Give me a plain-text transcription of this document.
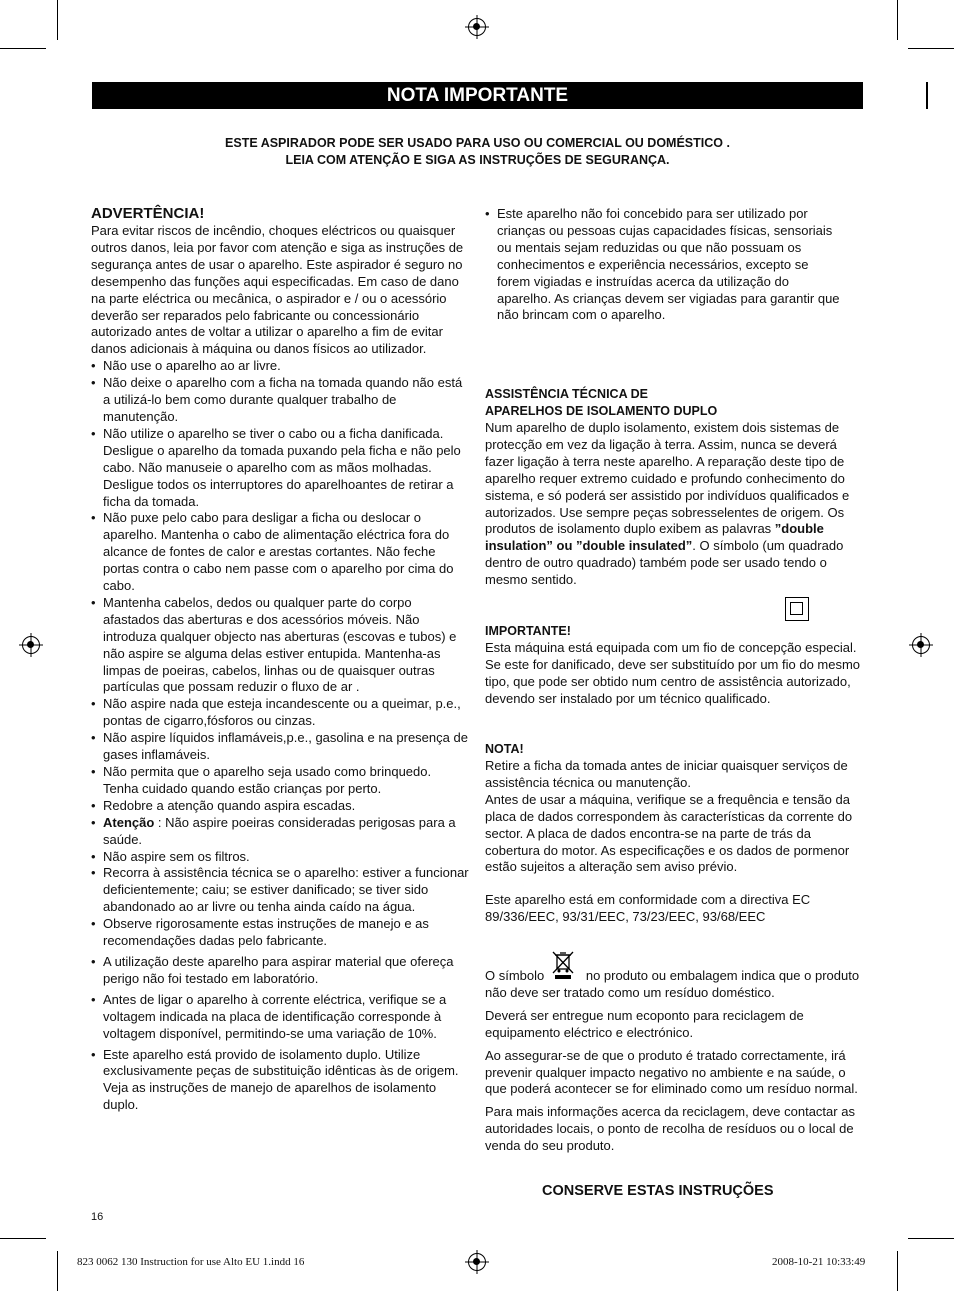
NOTA IMPORTANTE
ESTE ASPIRADOR PODE SER USADO PARA USO OU COMERCIAL OU DOMÉSTICO .
LEIA COM ATENÇÃO E SIGA AS INSTRUÇÕES DE SEGURANÇA.

ADVERTÊNCIA!

Para evitar riscos de incêndio, choques eléctricos ou quaisquer outros danos, leia por favor com atenção e siga as instruções de segurança antes de usar o aparelho. Este aspirador é seguro no desempenho das funções aqui especificadas. Em caso de dano na parte eléctrica ou mecânica, o aspirador e / ou o acessório deverão ser reparados pelo fabricante ou concessionário autorizado antes de voltar a utilizar o aparelho a fim de evitar danos adicionais à máquina ou danos físicos ao utilizador.

• Não use o aparelho ao ar livre.
• Não deixe o aparelho com a ficha na tomada quando não está a utilizá-lo bem como durante qualquer trabalho de manutenção.
• Não utilize o aparelho se tiver o cabo ou a ficha danificada. Desligue o aparelho da tomada puxando pela ficha e não pelo cabo. Não manuseie o aparelho com as mãos molhadas. Desligue todos os interruptores do aparelhoantes de retirar a ficha da tomada.
• Não puxe pelo cabo para desligar a ficha ou deslocar o aparelho. Mantenha o cabo de alimentação eléctrica fora do alcance de fontes de calor e arestas cortantes. Não feche portas contra o cabo nem passe com o aparelho por cima do cabo.
• Mantenha cabelos, dedos ou qualquer parte do corpo afastados das aberturas e dos acessórios móveis. Não introduza qualquer objecto nas aberturas (escovas e tubos) e não aspire se alguma delas estiver entupida. Mantenha-as limpas de poeiras, cabelos, linhas ou de quaisquer outras partículas que possam reduzir o fluxo de ar .
• Não aspire nada que esteja incandescente ou a queimar, p.e., pontas de cigarro,fósforos ou cinzas.
• Não aspire líquidos inflamáveis,p.e., gasolina e na presença de gases inflamáveis.
• Não permita que o aparelho seja usado como brinquedo. Tenha cuidado quando estão crianças por perto.
• Redobre a atenção quando aspira escadas.
• Atenção : Não aspire poeiras consideradas perigosas para a saúde.
• Não aspire sem os filtros.
• Recorra à assistência técnica se o aparelho: estiver a funcionar deficientemente; caiu; se estiver danificado; se tiver sido abandonado ao ar livre ou tenha ainda caído na água.
• Observe rigorosamente estas instruções de manejo e as recomendações dadas pelo fabricante.
• A utilização deste aparelho para aspirar material que ofereça perigo não foi testado em laboratório.
• Antes de ligar o aparelho à corrente eléctrica, verifique se a voltagem indicada na placa de identificação corresponde à voltagem disponível, permitindo-se uma variação de 10%.
• Este aparelho está provido de isolamento duplo. Utilize exclusivamente peças de substituição idênticas às de origem. Veja as instruções de manejo de aparelhos de isolamento duplo.
• Este aparelho não foi concebido para ser utilizado por crianças ou pessoas cujas capacidades físicas, sensoriais ou mentais sejam reduzidas ou que não possuam os conhecimentos e experiência necessários, excepto se forem vigiadas e instruídas acerca da utilização do aparelho. As crianças devem ser vigiadas para garantir que não brincam com o aparelho.
ASSISTÊNCIA TÉCNICA DE
APARELHOS DE ISOLAMENTO DUPLO

Num aparelho de duplo isolamento, existem dois sistemas de protecção em vez da ligação à terra. Assim, nunca se deverá fazer ligação à terra neste aparelho. A reparação deste tipo de aparelho requer extremo cuidado e profundo conhecimento do sistema, e só poderá ser assistido por indivíduos qualificados e autorizados. Use sempre peças sobresselentes de origem. Os produtos de isolamento duplo exibem as palavras ”double insulation” ou ”double insulated”. O símbolo (um quadrado dentro de outro quadrado) também pode ser usado tendo o mesmo sentido.

IMPORTANTE!

Esta máquina está equipada com um fio de concepção especial. Se este for danificado, deve ser substituído por um fio do mesmo tipo, que pode ser obtido num centro de assistência autorizado, devendo ser instalado por um técnico qualificado.

NOTA!

Retire a ficha da tomada antes de iniciar quaisquer serviços de assistência técnica ou manutenção.

Antes de usar a máquina, verifique se a frequência e tensão da placa de dados correspondem às características da corrente do sector. A placa de dados encontra-se na parte de trás da cobertura do motor. As especificações e os dados de pormenor estão sujeitos a alteração sem aviso prévio.

Este aparelho está em conformidade com a directiva EC 89/336/EEC, 93/31/EEC, 73/23/EEC, 93/68/EEC

O símbolo	no produto ou embalagem indica que o produto não deve ser tratado como um resíduo doméstico.

Deverá ser entregue num ecoponto para reciclagem de equipamento eléctrico e electrónico.

Ao assegurar-se de que o produto é tratado correctamente, irá prevenir qualquer impacto negativo no ambiente e na saúde, o que poderá acontecer se for eliminado como um resíduo normal.

Para mais informações acerca da reciclagem, deve contactar as autoridades locais, o ponto de recolha de resíduos ou o local de venda do seu produto.

CONSERVE ESTAS INSTRUÇÕES
16
823 0062 130 Instruction for use Alto EU 1.indd 16	2008-10-21 10:33:49
